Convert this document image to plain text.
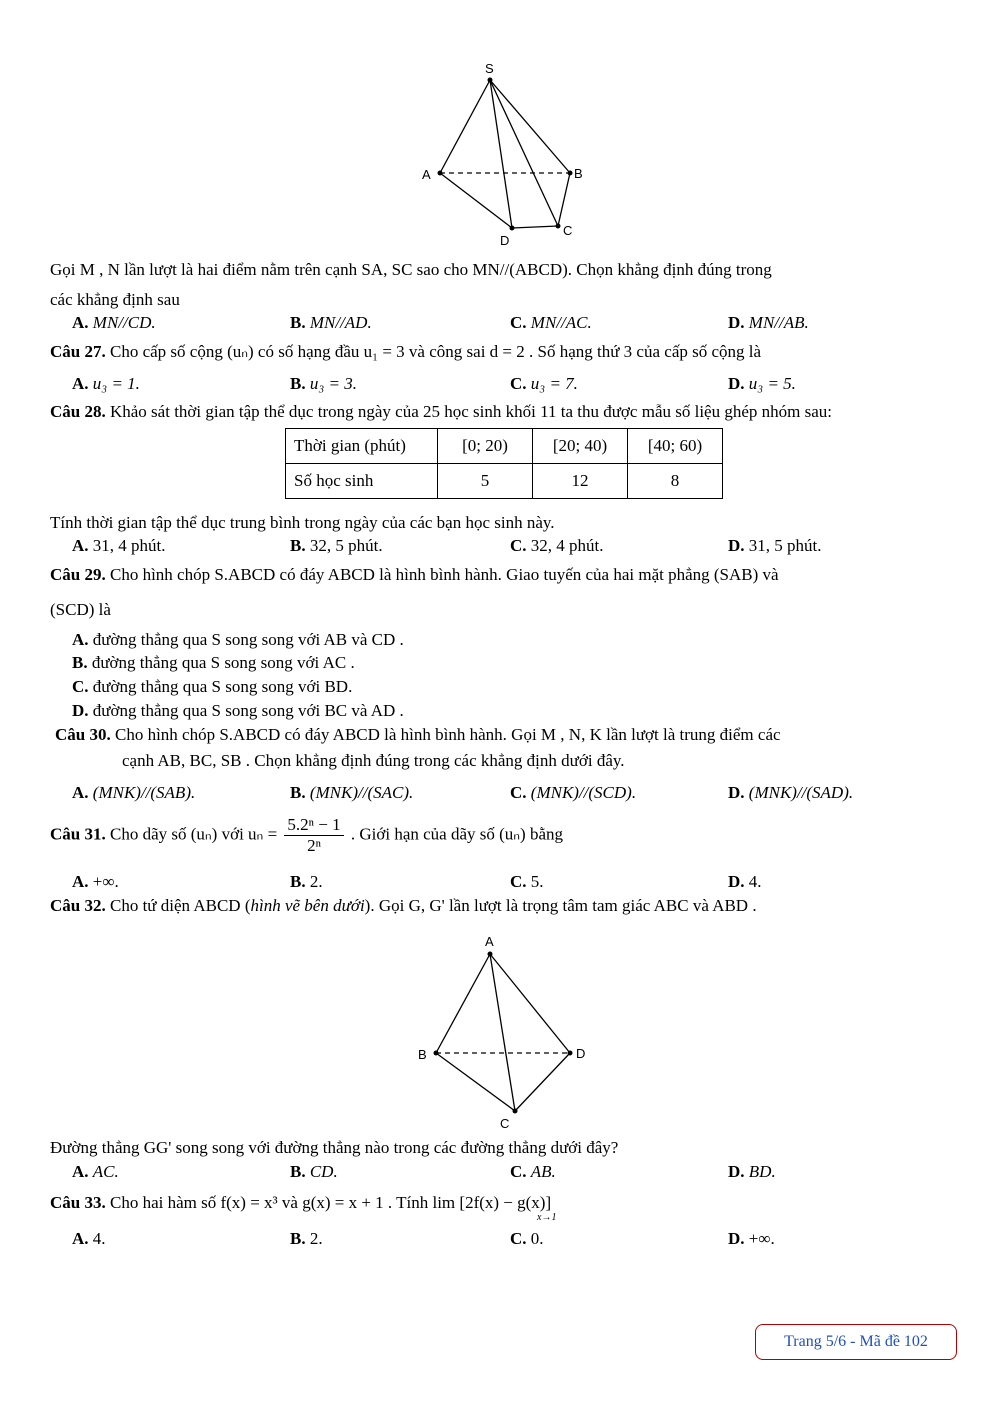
S
A	B
D
C
Gọi M , N lần lượt là hai điểm nằm trên cạnh SA, SC sao cho MN//(ABCD). Chọn khẳng định đúng trong
các khẳng định sau
A. MN//CD.	B. MN//AD.	C. MN//AC.	D. MN//AB.
Câu 27. Cho cấp số cộng (uₙ) có số hạng đầu u₁ = 3 và công sai d = 2 . Số hạng thứ 3 của cấp số cộng là
A. u₃ = 1.	B. u₃ = 3.	C. u₃ = 7.	D. u₃ = 5.
Câu 28. Khảo sát thời gian tập thể dục trong ngày của 25 học sinh khối 11 ta thu được mẫu số liệu ghép nhóm sau:
Thời gian (phút)	[0; 20)	[20; 40)	[40; 60)
Số học sinh	5	12	8
Tính thời gian tập thể dục trung bình trong ngày của các bạn học sinh này.
A. 31, 4 phút.	B. 32, 5 phút.	C. 32, 4 phút.	D. 31, 5 phút.
Câu 29. Cho hình chóp S.ABCD có đáy ABCD là hình bình hành. Giao tuyến của hai mặt phẳng (SAB) và
(SCD) là
A. đường thẳng qua S song song với AB và CD .
B. đường thẳng qua S song song với AC .
C. đường thẳng qua S song song với BD.
D. đường thẳng qua S song song với BC và AD .
Câu 30. Cho hình chóp S.ABCD có đáy ABCD là hình bình hành. Gọi M , N, K lần lượt là trung điểm các
cạnh AB, BC, SB . Chọn khẳng định đúng trong các khẳng định dưới đây.
A. (MNK)//(SAB).	B. (MNK)//(SAC).	C. (MNK)//(SCD).	D. (MNK)//(SAD).
Câu 31. Cho dãy số (uₙ) với $u_n = \frac{\text{5.2ⁿ − 1}}{\text{2ⁿ}}$ . Giới hạn của dãy số (uₙ) bằng
A. +∞.	B. 2.	C. 5.	D. 4.
Câu 32. Cho tứ diện ABCD (hình vẽ bên dưới). Gọi G, G' lần lượt là trọng tâm tam giác ABC và ABD .
A
B	D
C
Đường thẳng GG' song song với đường thẳng nào trong các đường thẳng dưới đây?
A. AC.	B. CD.	C. AB.	D. BD.
Câu 33. Cho hai hàm số f(x) = x³ và g(x) = x + 1 . Tính lim [2f(x) − g(x)]
x→1
A. 4.	B. 2.	C. 0.	D. +∞.
Trang 5/6 - Mã đề 102
